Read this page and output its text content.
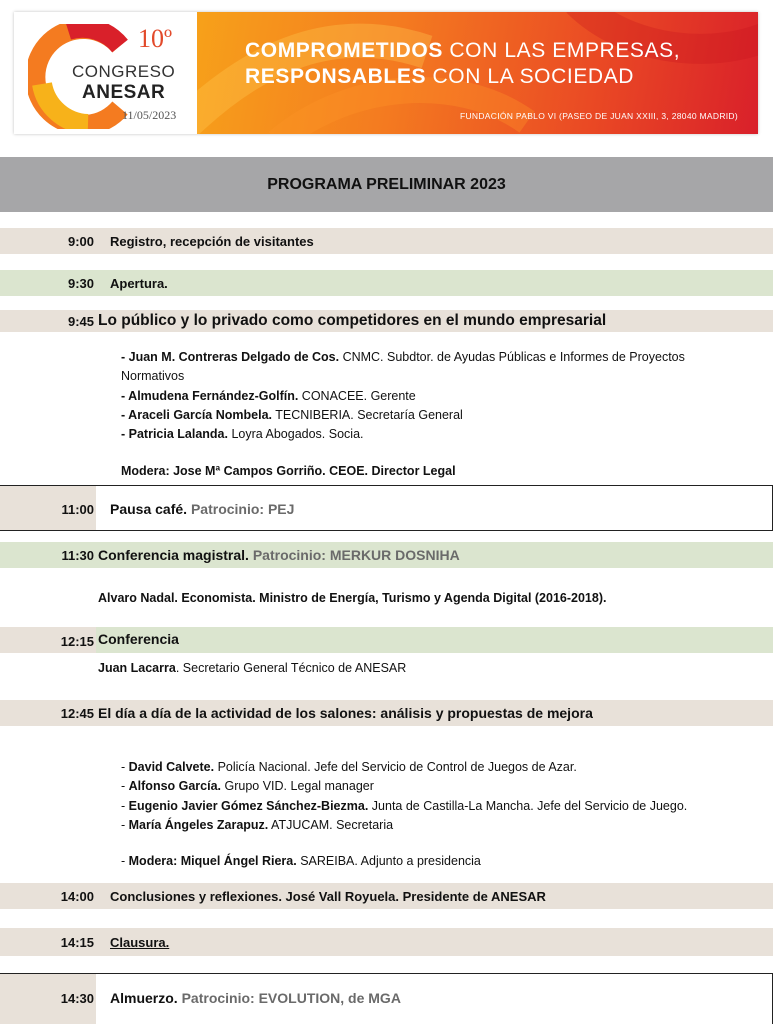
10º
CONGRESO
ANESAR
11/05/2023
COMPROMETIDOS CON LAS EMPRESAS,
RESPONSABLES CON LA SOCIEDAD
FUNDACIÓN PABLO VI (PASEO DE JUAN XXIII, 3, 28040 MADRID)
PROGRAMA PRELIMINAR 2023
9:00 Registro, recepción de visitantes
9:30 Apertura.
9:45 Lo público y lo privado como competidores en el mundo empresarial
- Juan M. Contreras Delgado de Cos. CNMC. Subdtor. de Ayudas Públicas e Informes de Proyectos Normativos
- Almudena Fernández-Golfín. CONACEE. Gerente
- Araceli García Nombela. TECNIBERIA. Secretaría General
- Patricia Lalanda. Loyra Abogados. Socia.
Modera: Jose Mª Campos Gorriño. CEOE. Director Legal
11:00 Pausa café. Patrocinio: PEJ
11:30 Conferencia magistral. Patrocinio: MERKUR DOSNIHA
Alvaro Nadal. Economista. Ministro de Energía, Turismo y Agenda Digital (2016-2018).
12:15 Conferencia
Juan Lacarra. Secretario General Técnico de ANESAR
12:45 El día a día de la actividad de los salones: análisis y propuestas de mejora
- David Calvete. Policía Nacional. Jefe del Servicio de Control de Juegos de Azar.
- Alfonso García. Grupo VID. Legal manager
- Eugenio Javier Gómez Sánchez-Biezma. Junta de Castilla-La Mancha. Jefe del Servicio de Juego.
- María Ángeles Zarapuz. ATJUCAM. Secretaria
- Modera: Miquel Ángel Riera. SAREIBA. Adjunto a presidencia
14:00 Conclusiones y reflexiones. José Vall Royuela. Presidente de ANESAR
14:15 Clausura.
14:30 Almuerzo. Patrocinio: EVOLUTION, de MGA
